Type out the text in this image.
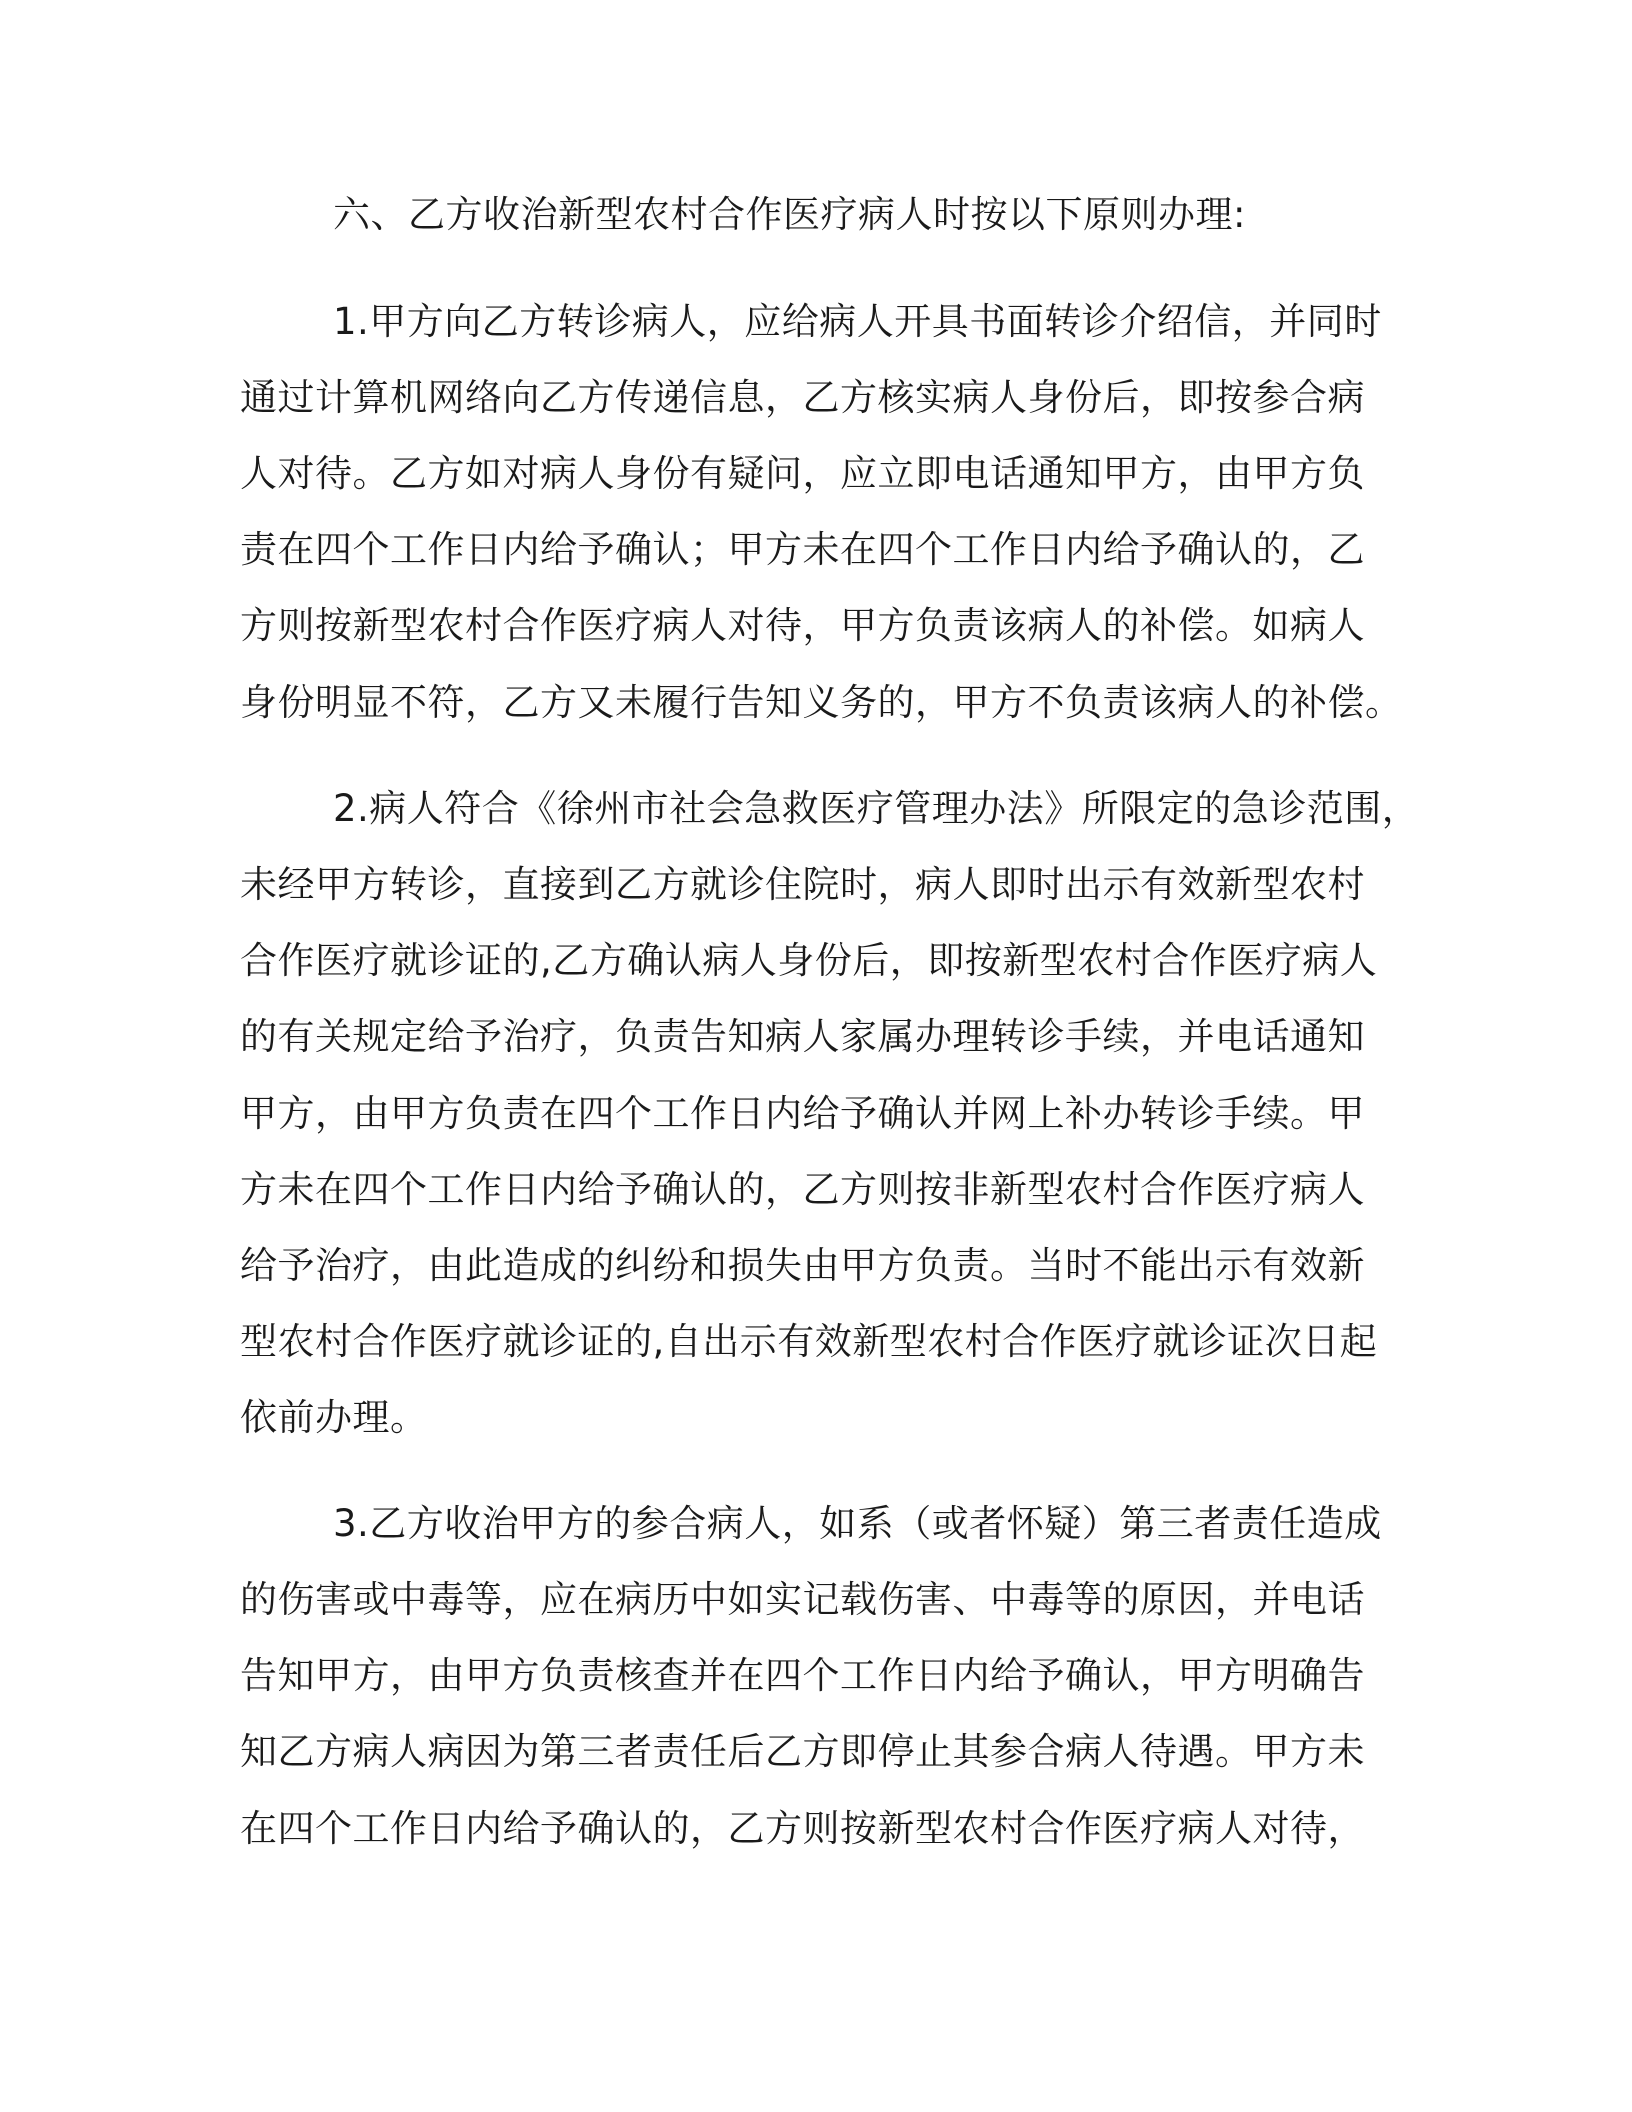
六、乙方收治新型农村合作医疗病人时按以下原则办理:

1.甲方向乙方转诊病人，应给病人开具书面转诊介绍信，并同时

通过计算机网络向乙方传递信息，乙方核实病人身份后，即按参合病

人对待。乙方如对病人身份有疑问，应立即电话通知甲方，由甲方负

责在四个工作日内给予确认；甲方未在四个工作日内给予确认的，乙

方则按新型农村合作医疗病人对待，甲方负责该病人的补偿。如病人

身份明显不符，乙方又未履行告知义务的，甲方不负责该病人的补偿。

2.病人符合《徐州市社会急救医疗管理办法》所限定的急诊范围，

未经甲方转诊，直接到乙方就诊住院时，病人即时出示有效新型农村

合作医疗就诊证的,乙方确认病人身份后，即按新型农村合作医疗病人

的有关规定给予治疗，负责告知病人家属办理转诊手续，并电话通知

甲方，由甲方负责在四个工作日内给予确认并网上补办转诊手续。甲

方未在四个工作日内给予确认的，乙方则按非新型农村合作医疗病人

给予治疗，由此造成的纠纷和损失由甲方负责。当时不能出示有效新

型农村合作医疗就诊证的,自出示有效新型农村合作医疗就诊证次日起

依前办理。

3.乙方收治甲方的参合病人，如系（或者怀疑）第三者责任造成

的伤害或中毒等，应在病历中如实记载伤害、中毒等的原因，并电话

告知甲方，由甲方负责核查并在四个工作日内给予确认，甲方明确告

知乙方病人病因为第三者责任后乙方即停止其参合病人待遇。甲方未

在四个工作日内给予确认的，乙方则按新型农村合作医疗病人对待，
